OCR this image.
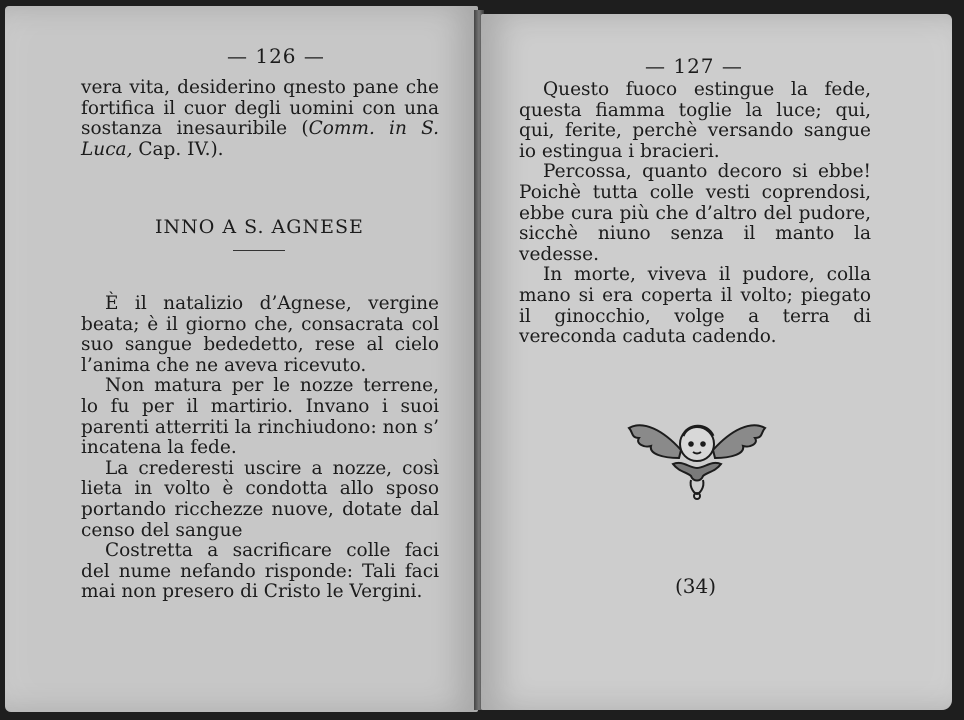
— 126 —

vera vita, desiderino qnesto pane che fortifica il cuor degli uomini con una sostanza inesauribile (Comm. in S. Luca, Cap. IV.).

INNO A S. AGNESE

È il natalizio d’Agnese, vergine beata; è il giorno che, consacrata col suo sangue bededetto, rese al cielo l’anima che ne aveva ricevuto.

Non matura per le nozze terrene, lo fu per il martirio. Invano i suoi parenti atterriti la rinchiudono: non s’ incatena la fede.

La crederesti uscire a nozze, così lieta in volto è condotta allo sposo portando ricchezze nuove, dotate dal censo del sangue

Costretta a sacrificare colle faci del nume nefando risponde: Tali faci mai non presero di Cristo le Vergini.

— 127 —

Questo fuoco estingue la fede, questa fiamma toglie la luce; qui, qui, ferite, perchè versando sangue io estingua i bracieri.

Percossa, quanto decoro si ebbe! Poichè tutta colle vesti coprendosi, ebbe cura più che d’altro del pudore, sicchè niuno senza il manto la vedesse.

In morte, viveva il pudore, colla mano si era coperta il volto; piegato il ginocchio, volge a terra di vereconda caduta cadendo.

(34)
